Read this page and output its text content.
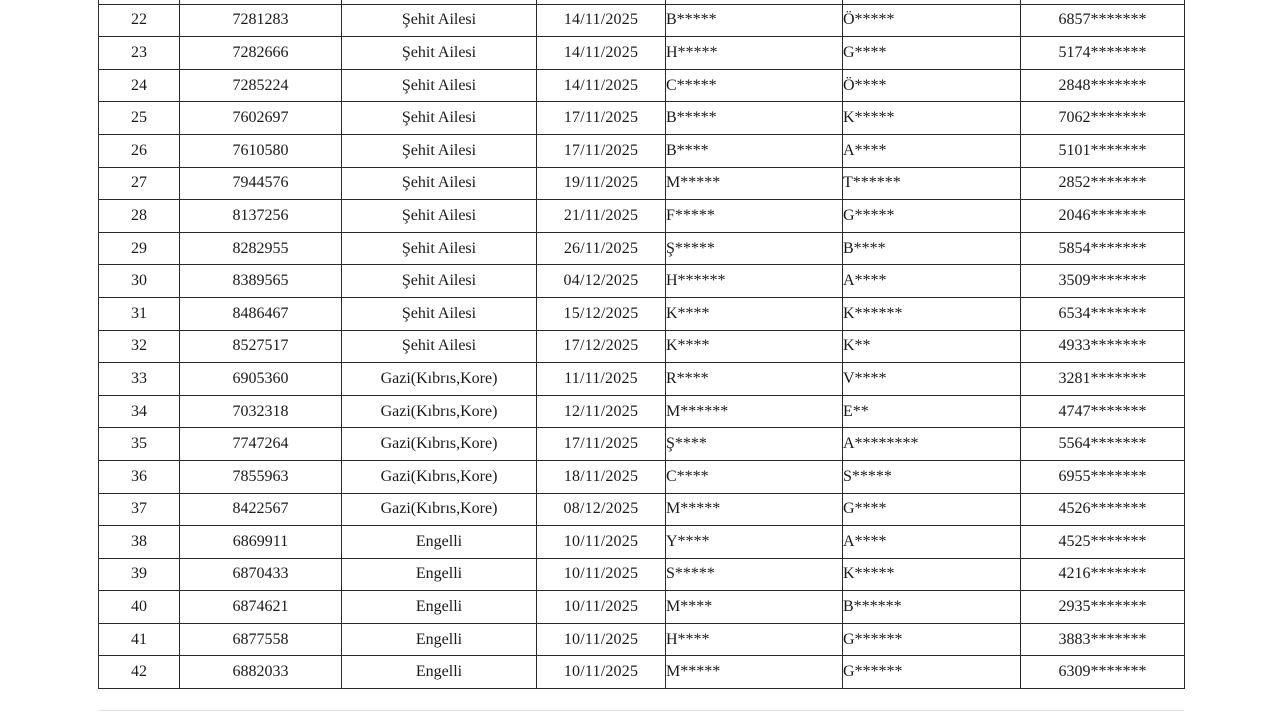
22	7281283	Şehit Ailesi	14/11/2025	B*****	Ö*****	6857*******
23	7282666	Şehit Ailesi	14/11/2025	H*****	G****	5174*******
24	7285224	Şehit Ailesi	14/11/2025	C*****	Ö****	2848*******
25	7602697	Şehit Ailesi	17/11/2025	B*****	K*****	7062*******
26	7610580	Şehit Ailesi	17/11/2025	B****	A****	5101*******
27	7944576	Şehit Ailesi	19/11/2025	M*****	T******	2852*******
28	8137256	Şehit Ailesi	21/11/2025	F*****	G*****	2046*******
29	8282955	Şehit Ailesi	26/11/2025	Ş*****	B****	5854*******
30	8389565	Şehit Ailesi	04/12/2025	H******	A****	3509*******
31	8486467	Şehit Ailesi	15/12/2025	K****	K******	6534*******
32	8527517	Şehit Ailesi	17/12/2025	K****	K**	4933*******
33	6905360	Gazi(Kıbrıs,Kore)	11/11/2025	R****	V****	3281*******
34	7032318	Gazi(Kıbrıs,Kore)	12/11/2025	M******	E**	4747*******
35	7747264	Gazi(Kıbrıs,Kore)	17/11/2025	Ş****	A********	5564*******
36	7855963	Gazi(Kıbrıs,Kore)	18/11/2025	C****	S*****	6955*******
37	8422567	Gazi(Kıbrıs,Kore)	08/12/2025	M*****	G****	4526*******
38	6869911	Engelli	10/11/2025	Y****	A****	4525*******
39	6870433	Engelli	10/11/2025	S*****	K*****	4216*******
40	6874621	Engelli	10/11/2025	M****	B******	2935*******
41	6877558	Engelli	10/11/2025	H****	G******	3883*******
42	6882033	Engelli	10/11/2025	M*****	G******	6309*******
